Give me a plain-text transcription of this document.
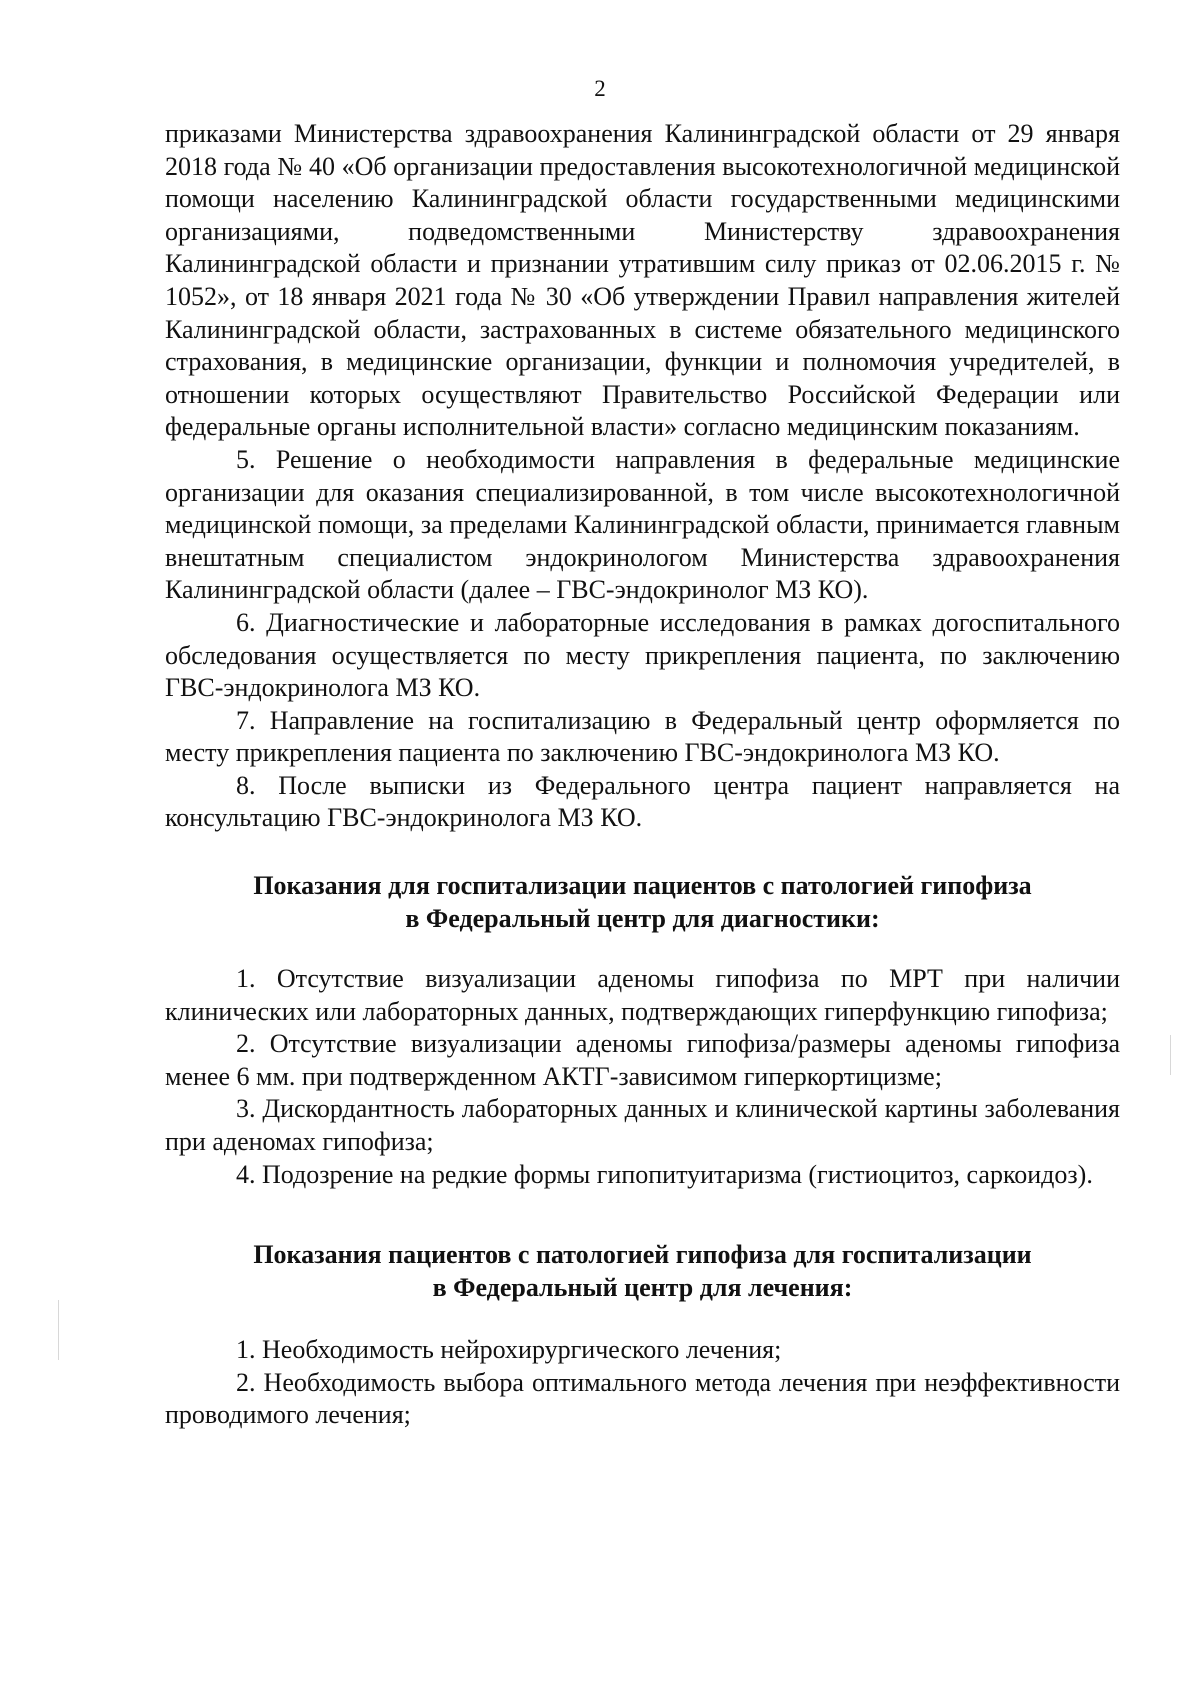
2

приказами Министерства здравоохранения Калининградской области от 29 января 2018 года № 40 «Об организации предоставления высокотехнологичной медицинской помощи населению Калининградской области государственными медицинскими организациями, подведомственными Министерству здравоохранения Калининградской области и признании утратившим силу приказ от 02.06.2015 г. № 1052», от 18 января 2021 года № 30 «Об утверждении Правил направления жителей Калининградской области, застрахованных в системе обязательного медицинского страхования, в медицинские организации, функции и полномочия учредителей, в отношении которых осуществляют Правительство Российской Федерации или федеральные органы исполнительной власти» согласно медицинским показаниям.

5. Решение о необходимости направления в федеральные медицинские организации для оказания специализированной, в том числе высокотехнологичной медицинской помощи, за пределами Калининградской области, принимается главным внештатным специалистом эндокринологом Министерства здравоохранения Калининградской области (далее – ГВС-эндокринолог МЗ КО).

6. Диагностические и лабораторные исследования в рамках догоспитального обследования осуществляется по месту прикрепления пациента, по заключению ГВС-эндокринолога МЗ КО.

7. Направление на госпитализацию в Федеральный центр оформляется по месту прикрепления пациента по заключению ГВС-эндокринолога МЗ КО.

8. После выписки из Федерального центра пациент направляется на консультацию ГВС-эндокринолога МЗ КО.

Показания для госпитализации пациентов с патологией гипофиза
в Федеральный центр для диагностики:

1. Отсутствие визуализации аденомы гипофиза по МРТ при наличии клинических или лабораторных данных, подтверждающих гиперфункцию гипофиза;

2. Отсутствие визуализации аденомы гипофиза/размеры аденомы гипофиза менее 6 мм. при подтвержденном АКТГ-зависимом гиперкортицизме;

3. Дискордантность лабораторных данных и клинической картины заболевания при аденомах гипофиза;

4. Подозрение на редкие формы гипопитуитаризма (гистиоцитоз, саркоидоз).

Показания пациентов с патологией гипофиза для госпитализации
в Федеральный центр для лечения:

1. Необходимость нейрохирургического лечения;

2. Необходимость выбора оптимального метода лечения при неэффективности проводимого лечения;
